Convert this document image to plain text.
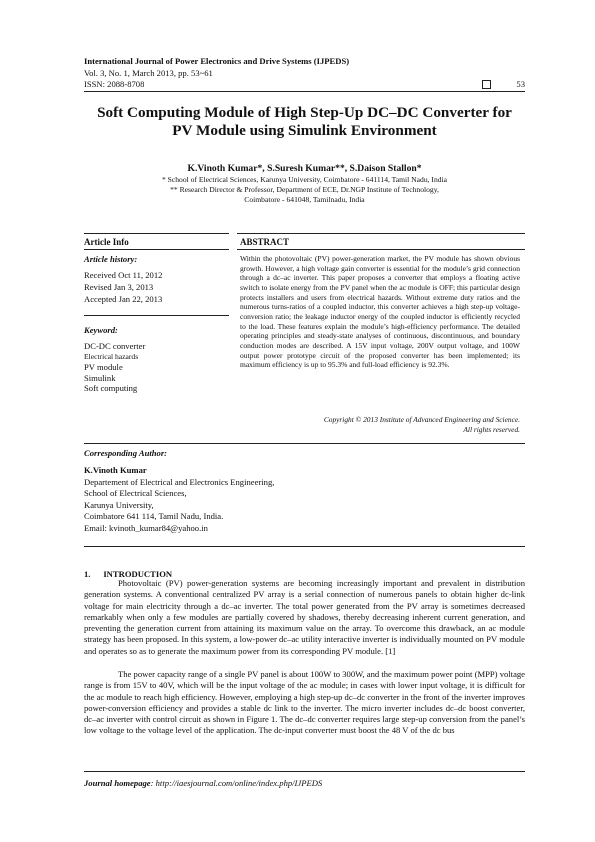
International Journal of Power Electronics and Drive Systems (IJPEDS)
Vol. 3, No. 1, March 2013, pp. 53~61
ISSN: 2088-8708	53
Soft Computing Module of High Step-Up DC–DC Converter for
PV Module using Simulink Environment
K.Vinoth Kumar*, S.Suresh Kumar**, S.Daison Stallon*
* School of Electrical Sciences, Karunya University, Coimbatore - 641114, Tamil Nadu, India
** Research Director & Professor, Department of ECE, Dr.NGP Institute of Technology,
Coimbatore - 641048, Tamilnadu, India
Article Info	ABSTRACT
Article history:
Received Oct 11, 2012
Revised Jan 3, 2013
Accepted Jan 22, 2013
Keyword:
DC-DC converter
Electrical hazards
PV module
Simulink
Soft computing
Within the photovoltaic (PV) power-generation market, the PV module has shown obvious growth. However, a high voltage gain converter is essential for the module’s grid connection through a dc–ac inverter. This paper proposes a converter that employs a floating active switch to isolate energy from the PV panel when the ac module is OFF; this particular design protects installers and users from electrical hazards. Without extreme duty ratios and the numerous turns-ratios of a coupled inductor, this converter achieves a high step-up voltage-conversion ratio; the leakage inductor energy of the coupled inductor is efficiently recycled to the load. These features explain the module’s high-efficiency performance. The detailed operating principles and steady-state analyses of continuous, discontinuous, and boundary conduction modes are described. A 15V input voltage, 200V output voltage, and 100W output power prototype circuit of the proposed converter has been implemented; its maximum efficiency is up to 95.3% and full-load efficiency is 92.3%.
Copyright © 2013 Institute of Advanced Engineering and Science.
All rights reserved.
Corresponding Author:
K.Vinoth Kumar
Departement of Electrical and Electronics Engineering,
School of Electrical Sciences,
Karunya University,
Coimbatore 641 114, Tamil Nadu, India.
Email: kvinoth_kumar84@yahoo.in
1.      INTRODUCTION
Photovoltaic (PV) power-generation systems are becoming increasingly important and prevalent in distribution generation systems. A conventional centralized PV array is a serial connection of numerous panels to obtain higher dc-link voltage for main electricity through a dc–ac inverter. The total power generated from the PV array is sometimes decreased remarkably when only a few modules are partially covered by shadows, thereby decreasing inherent current generation, and preventing the generation current from attaining its maximum value on the array. To overcome this drawback, an ac module strategy has been proposed. In this system, a low-power dc–ac utility interactive inverter is individually mounted on PV module and operates so as to generate the maximum power from its corresponding PV module. [1]
The power capacity range of a single PV panel is about 100W to 300W, and the maximum power point (MPP) voltage range is from 15V to 40V, which will be the input voltage of the ac module; in cases with lower input voltage, it is difficult for the ac module to reach high efficiency. However, employing a high step-up dc–dc converter in the front of the inverter improves power-conversion efficiency and provides a stable dc link to the inverter. The micro inverter includes dc–dc boost converter, dc–ac inverter with control circuit as shown in Figure 1. The dc–dc converter requires large step-up conversion from the panel’s low voltage to the voltage level of the application. The dc-input converter must boost the 48 V of the dc bus
Journal homepage: http://iaesjournal.com/online/index.php/IJPEDS
